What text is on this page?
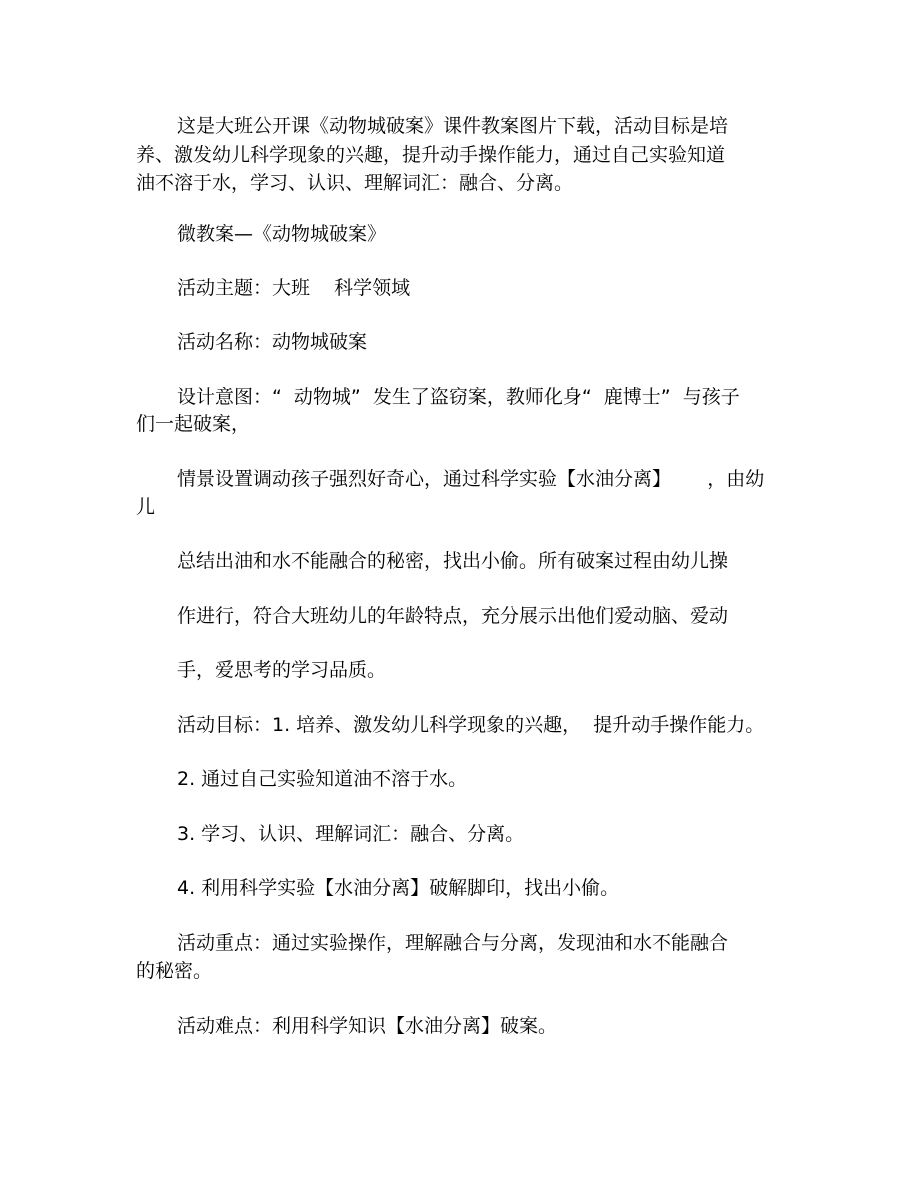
这是大班公开课《动物城破案》课件教案图片下载，活动目标是培
养、激发幼儿科学现象的兴趣，提升动手操作能力，通过自己实验知道
油不溶于水，学习、认识、理解词汇：融合、分离。
微教案—《动物城破案》
活动主题：大班    科学领域
活动名称：动物城破案
设计意图：“  动物城”  发生了盗窃案，教师化身“  鹿博士”  与孩子
们一起破案，
情景设置调动孩子强烈好奇心，通过科学实验【水油分离】      ，由幼
儿
总结出油和水不能融合的秘密，找出小偷。所有破案过程由幼儿操
作进行，符合大班幼儿的年龄特点，充分展示出他们爱动脑、爱动
手，爱思考的学习品质。
活动目标：1. 培养、激发幼儿科学现象的兴趣，  提升动手操作能力。
2. 通过自己实验知道油不溶于水。
3. 学习、认识、理解词汇：融合、分离。
4. 利用科学实验【水油分离】破解脚印，找出小偷。
活动重点：通过实验操作，理解融合与分离，发现油和水不能融合
的秘密。
活动难点：利用科学知识【水油分离】破案。
